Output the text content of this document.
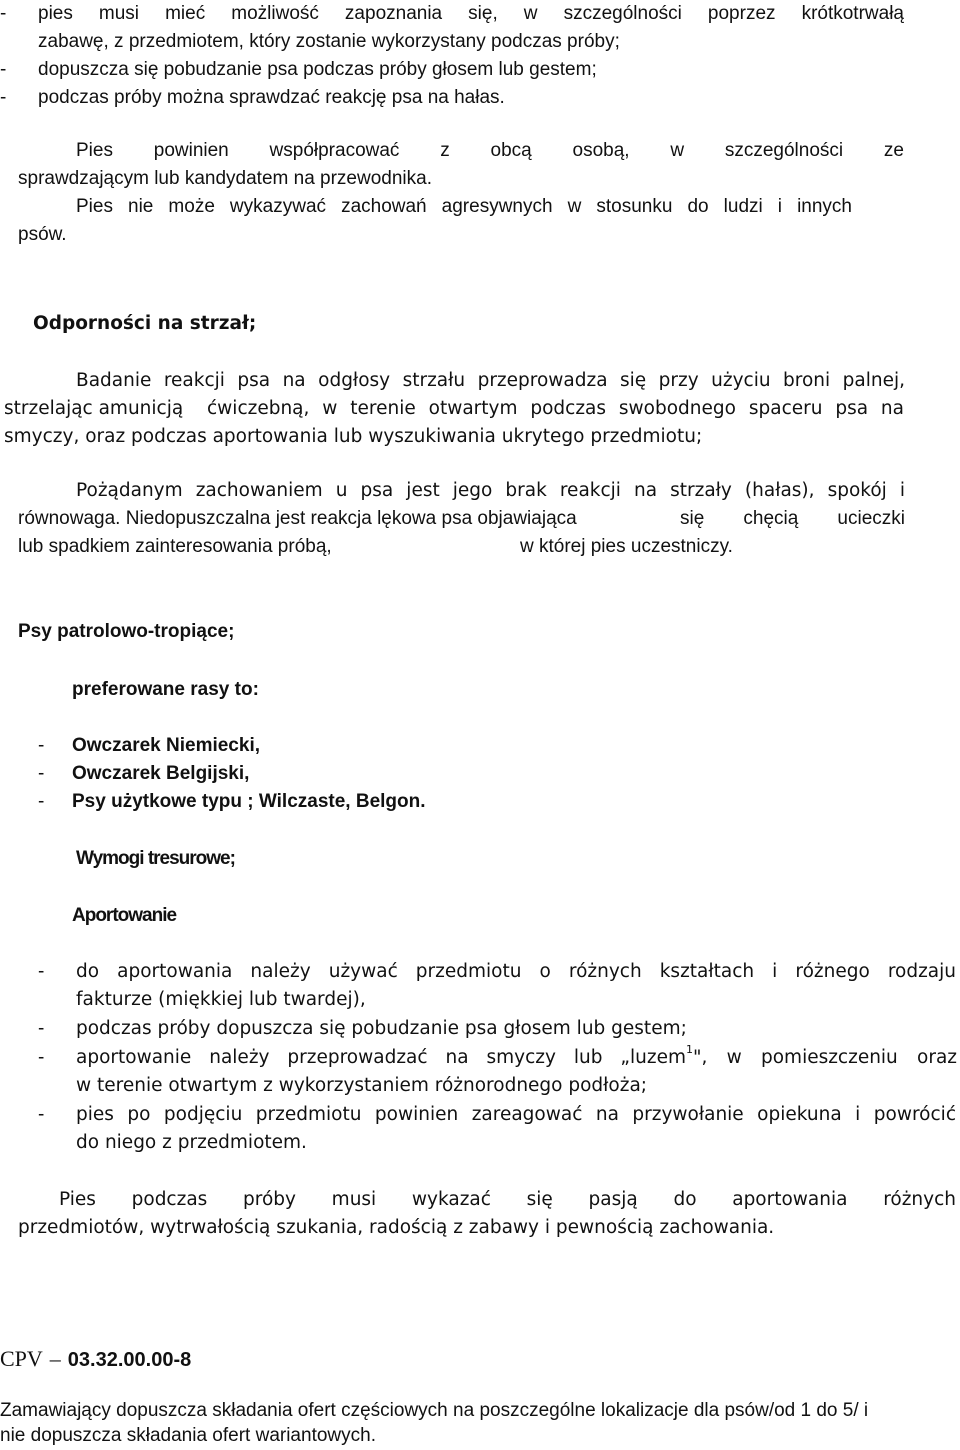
- pies musi mieć możliwość zapoznania się, w szczególności poprzez krótkotrwałą
zabawę, z przedmiotem, który zostanie wykorzystany podczas próby;
- dopuszcza się pobudzanie psa podczas próby głosem lub gestem;
- podczas próby można sprawdzać reakcję psa na hałas.
Pies powinien współpracować z obcą osobą, w szczególności ze
sprawdzającym lub kandydatem na przewodnika.
Pies nie może wykazywać zachowań agresywnych w stosunku do ludzi i innych
psów.
Odporności na strzał;
Badanie reakcji psa na odgłosy strzału przeprowadza się przy użyciu broni palnej,
strzelając amunicją ćwiczebną, w terenie otwartym podczas swobodnego spaceru psa na
smyczy, oraz podczas aportowania lub wyszukiwania ukrytego przedmiotu;
Pożądanym zachowaniem u psa jest jego brak reakcji na strzały (hałas), spokój i
równowaga. Niedopuszczalna jest reakcja lękowa psa objawiająca	się chęcią ucieczki
lub spadkiem zainteresowania próbą,	w której pies uczestniczy.
Psy patrolowo-tropiące;
preferowane rasy to:
- Owczarek Niemiecki,
- Owczarek Belgijski,
- Psy użytkowe typu ; Wilczaste, Belgon.
Wymogi tresurowe;
Aportowanie
- do aportowania należy używać przedmiotu o różnych kształtach i różnego rodzaju
fakturze (miękkiej lub twardej),
- podczas próby dopuszcza się pobudzanie psa głosem lub gestem;
- aportowanie należy przeprowadzać na smyczy lub „luzem 1 ", w pomieszczeniu oraz
w terenie otwartym z wykorzystaniem różnorodnego podłoża;
- pies po podjęciu przedmiotu powinien zareagować na przywołanie opiekuna i powrócić
do niego z przedmiotem.
Pies podczas próby musi wykazać się pasją do aportowania różnych
przedmiotów, wytrwałością szukania, radością z zabawy i pewnością zachowania.
CPV – 03.32.00.00-8
Zamawiający dopuszcza składania ofert częściowych na poszczególne lokalizacje dla psów/od 1 do 5/ i
nie dopuszcza składania ofert wariantowych.
